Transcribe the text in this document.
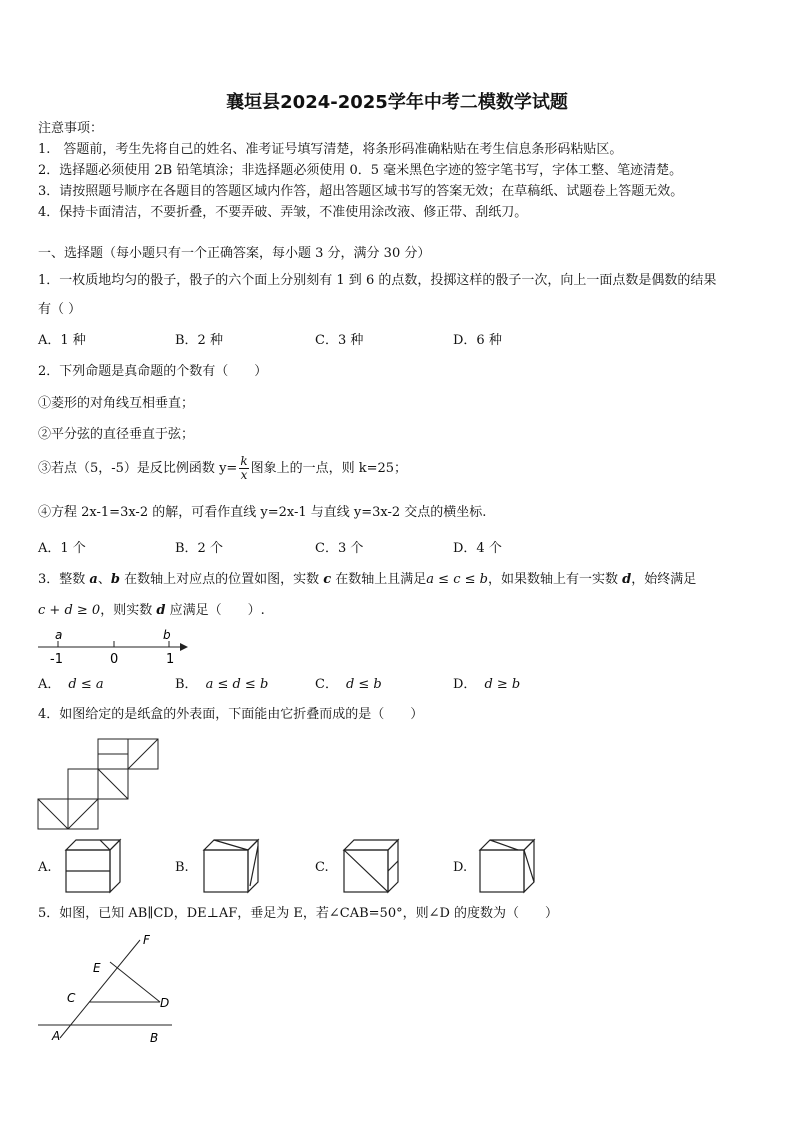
襄垣县2024-2025学年中考二模数学试题
注意事项：
1.　答题前，考生先将自己的姓名、准考证号填写清楚，将条形码准确粘贴在考生信息条形码粘贴区。
2．选择题必须使用 2B 铅笔填涂；非选择题必须使用 0．5 毫米黑色字迹的签字笔书写，字体工整、笔迹清楚。
3．请按照题号顺序在各题目的答题区域内作答，超出答题区域书写的答案无效；在草稿纸、试题卷上答题无效。
4．保持卡面清洁，不要折叠，不要弄破、弄皱，不准使用涂改液、修正带、刮纸刀。
一、选择题（每小题只有一个正确答案，每小题 3 分，满分 30 分）
1．一枚质地均匀的骰子，骰子的六个面上分别刻有 1 到 6 的点数，投掷这样的骰子一次，向上一面点数是偶数的结果
有（ ）
A．1 种	B．2 种	C．3 种	D．6 种
2．下列命题是真命题的个数有（　　）
①菱形的对角线互相垂直；
②平分弦的直径垂直于弦；
③若点（5，-5）是反比例函数 $y= \frac{k}{x}$ 图象上的一点，则 k=25；
④方程 2x-1=3x-2 的解，可看作直线 y=2x-1 与直线 y=3x-2 交点的横坐标.
A．1 个	B．2 个	C．3 个	D．4 个
3．整数 a、b 在数轴上对应点的位置如图，实数 c 在数轴上且满足a ≤ c ≤ b，如果数轴上有一实数 d，始终满足
c + d ≥ 0，则实数 d 应满足（　　）.
a	b
-1	0	1
A． d ≤ a	B． a ≤ d ≤ b	C． d ≤ b	D． d ≥ b
4．如图给定的是纸盒的外表面，下面能由它折叠而成的是（　　）
A.	B.	C.	D.
5．如图，已知 AB∥CD，DE⊥AF，垂足为 E，若∠CAB=50°，则∠D 的度数为（　　）
F
E
C	D
A	B
